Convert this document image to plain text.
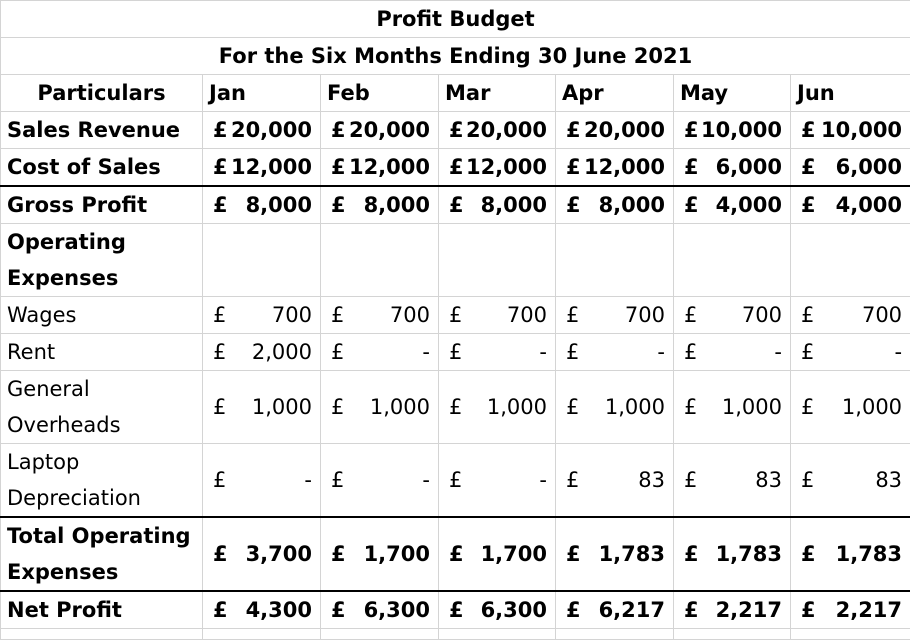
Profit Budget						
For the Six Months Ending 30 June 2021						
Particulars	Jan	Feb	Mar	Apr	May	Jun
Sales Revenue	£ 20,000	£ 20,000	£ 20,000	£ 20,000	£ 10,000	£ 10,000

Cost of Sales	£ 12,000	£ 12,000	£ 12,000	£ 12,000	£ 6,000	£ 6,000

Gross Profit	£ 8,000	£ 8,000	£ 8,000	£ 8,000	£ 4,000	£ 4,000

Operating Expenses						
Wages	£ 700	£ 700	£ 700	£ 700	£ 700	£ 700

Rent	£ 2,000	£ -	£ -	£ -	£ -	£ -

General Overheads	£ 1,000	£ 1,000	£ 1,000	£ 1,000	£ 1,000	£ 1,000

Laptop Depreciation	£ -	£ -	£ -	£ 83	£ 83	£ 83

Total Operating Expenses	£ 3,700	£ 1,700	£ 1,700	£ 1,783	£ 1,783	£ 1,783

Net Profit	£ 4,300	£ 6,300	£ 6,300	£ 6,217	£ 2,217	£ 2,217
